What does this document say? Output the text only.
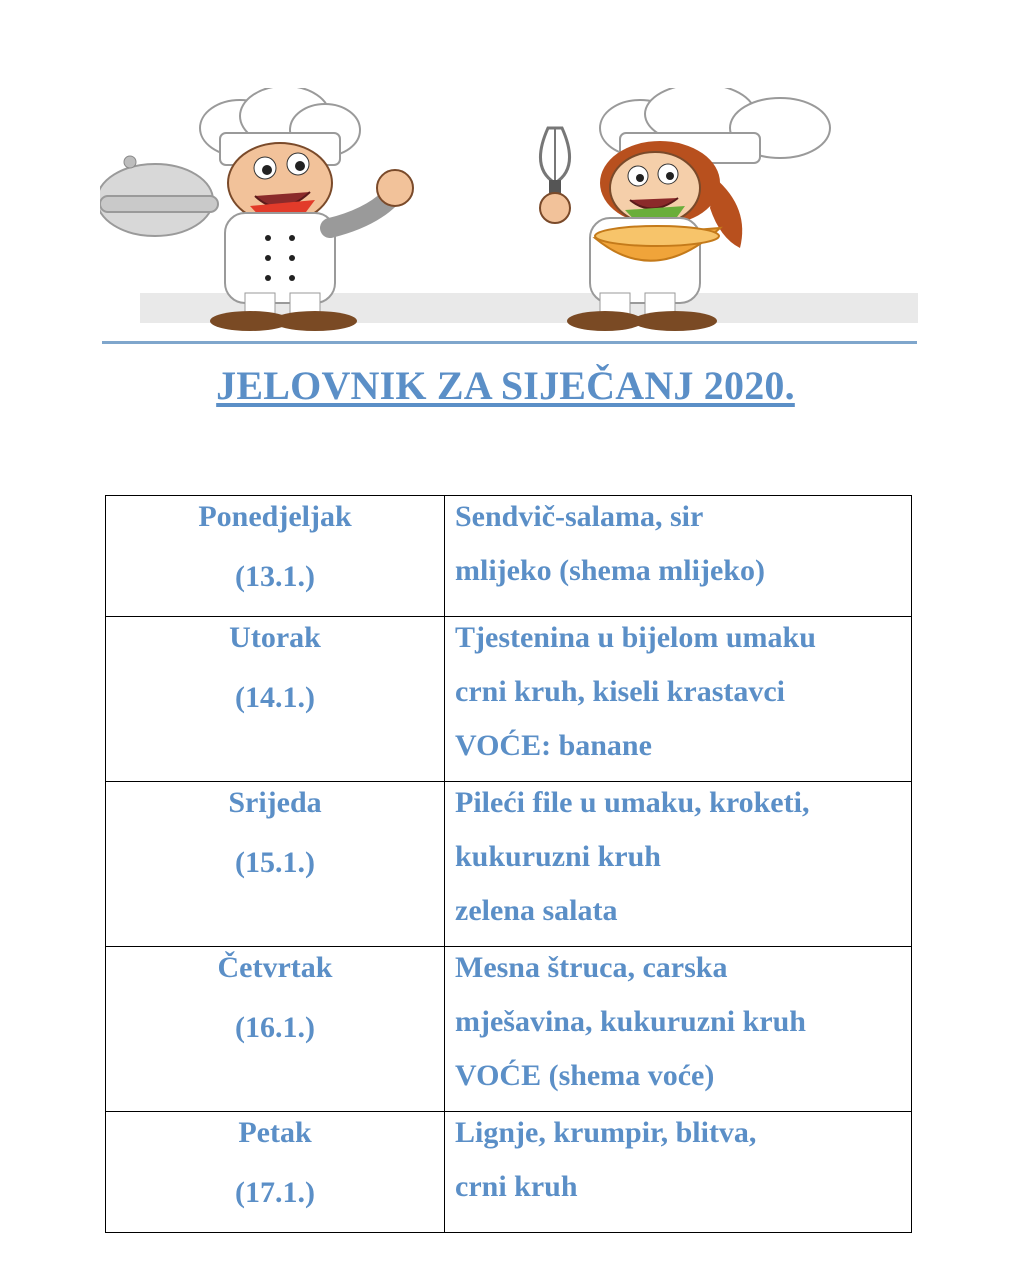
JELOVNIK ZA SIJEČANJ 2020.
Ponedjeljak
(13.1.)	Sendvič-salama, sir
mlijeko (shema mlijeko)

Utorak
(14.1.)	Tjestenina u bijelom umaku
crni kruh, kiseli krastavci
VOĆE: banane

Srijeda
(15.1.)	Pileći file u umaku, kroketi,
kukuruzni kruh
zelena salata

Četvrtak
(16.1.)	Mesna štruca, carska
mješavina, kukuruzni kruh
VOĆE (shema voće)

Petak
(17.1.)	Lignje, krumpir, blitva,
crni kruh
